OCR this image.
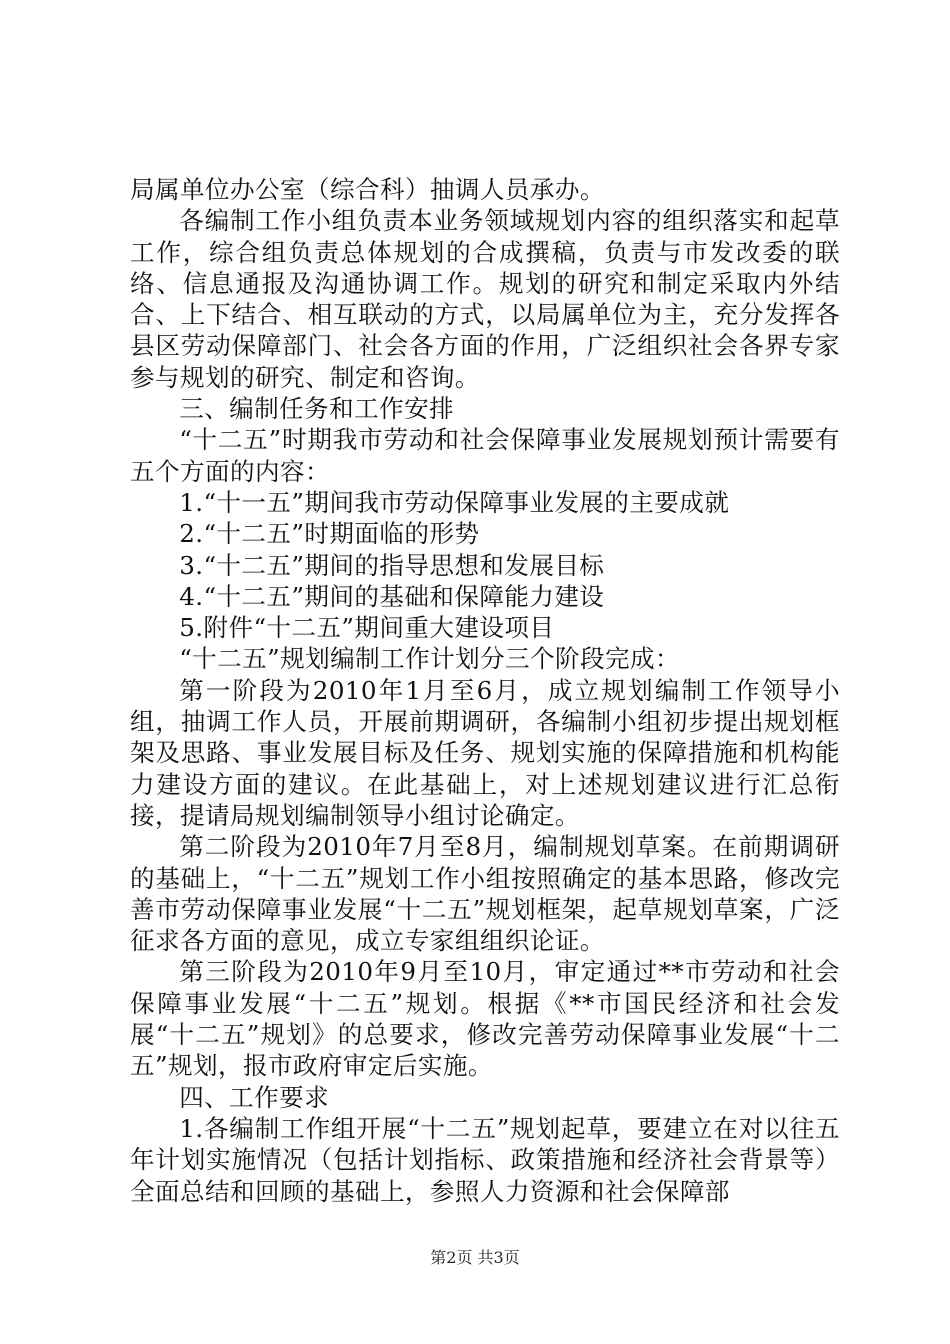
局属单位办公室（综合科）抽调人员承办。

各编制工作小组负责本业务领域规划内容的组织落实和起草工作，综合组负责总体规划的合成撰稿，负责与市发改委的联络、信息通报及沟通协调工作。规划的研究和制定采取内外结合、上下结合、相互联动的方式，以局属单位为主，充分发挥各县区劳动保障部门、社会各方面的作用，广泛组织社会各界专家参与规划的研究、制定和咨询。

三、编制任务和工作安排

“十二五”时期我市劳动和社会保障事业发展规划预计需要有五个方面的内容：

1.“十一五”期间我市劳动保障事业发展的主要成就

2.“十二五”时期面临的形势

3.“十二五”期间的指导思想和发展目标

4.“十二五”期间的基础和保障能力建设

5.附件“十二五”期间重大建设项目

“十二五”规划编制工作计划分三个阶段完成：

第一阶段为2010年1月至6月，成立规划编制工作领导小组，抽调工作人员，开展前期调研，各编制小组初步提出规划框架及思路、事业发展目标及任务、规划实施的保障措施和机构能力建设方面的建议。在此基础上，对上述规划建议进行汇总衔接，提请局规划编制领导小组讨论确定。

第二阶段为2010年7月至8月，编制规划草案。在前期调研的基础上，“十二五”规划工作小组按照确定的基本思路，修改完善市劳动保障事业发展“十二五”规划框架，起草规划草案，广泛征求各方面的意见，成立专家组组织论证。

第三阶段为2010年9月至10月，审定通过**市劳动和社会保障事业发展“十二五”规划。根据《**市国民经济和社会发展“十二五”规划》的总要求，修改完善劳动保障事业发展“十二五”规划，报市政府审定后实施。

四、工作要求

1.各编制工作组开展“十二五”规划起草，要建立在对以往五年计划实施情况（包括计划指标、政策措施和经济社会背景等）全面总结和回顾的基础上，参照人力资源和社会保障部

第2页 共3页
